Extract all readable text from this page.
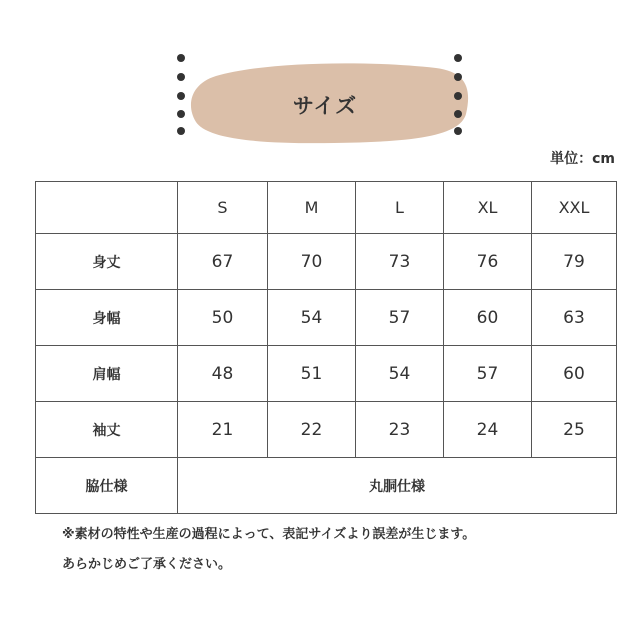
サイズ
単位：cm
	S	M	L	XL	XXL
身丈	67	70	73	76	79
身幅	50	54	57	60	63
肩幅	48	51	54	57	60
袖丈	21	22	23	24	25
脇仕様	丸胴仕様				
※素材の特性や生産の過程によって、表記サイズより誤差が生じます。
あらかじめご了承ください。
